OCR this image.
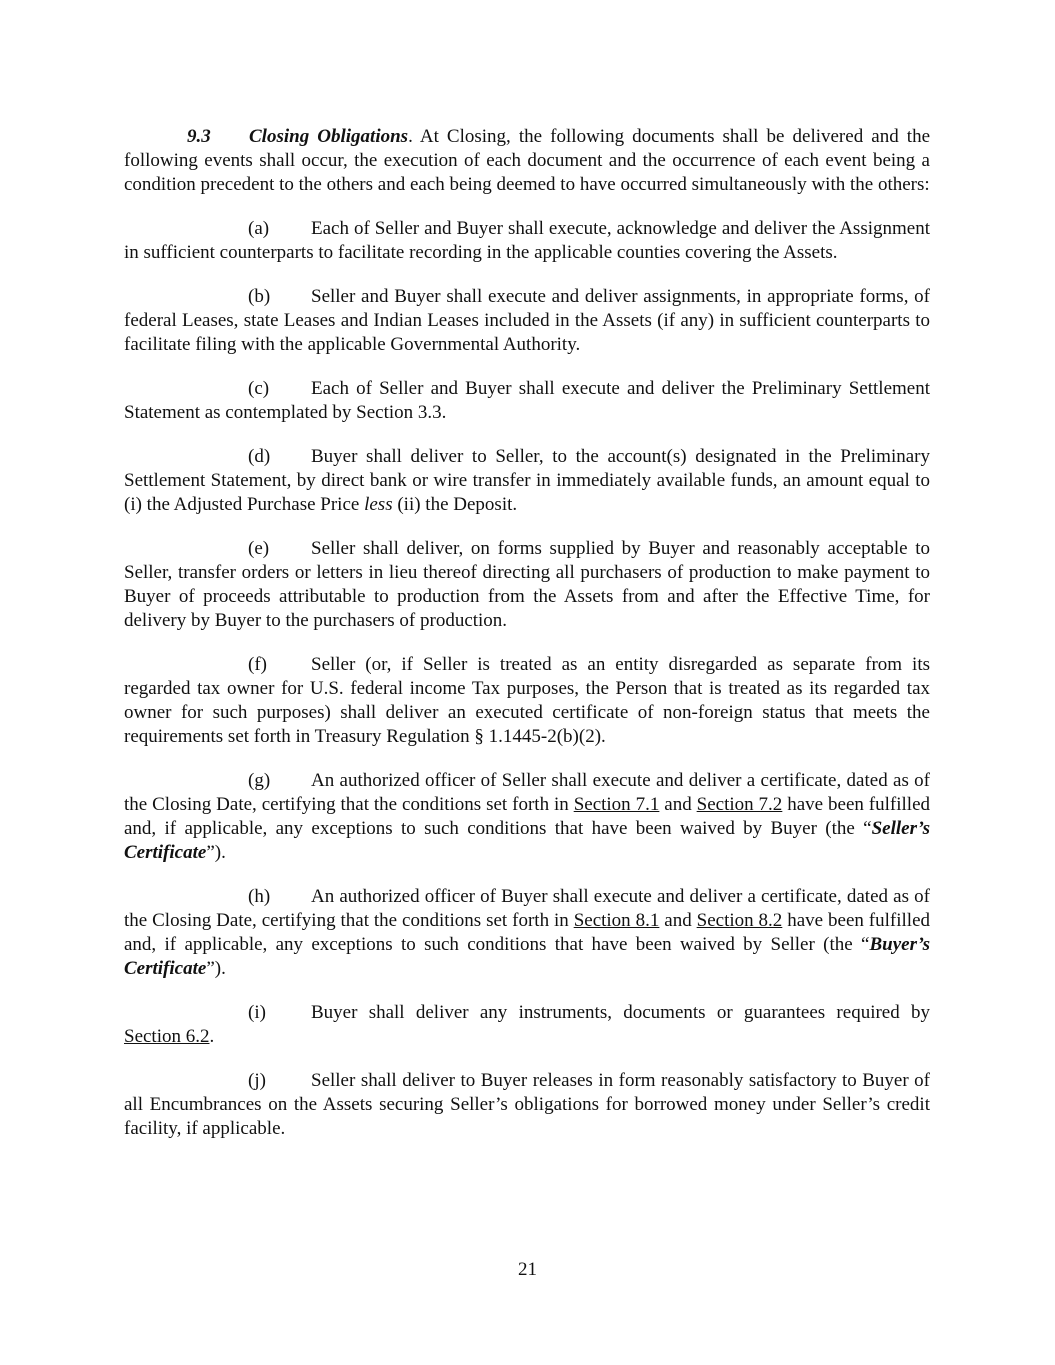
9.3 Closing Obligations. At Closing, the following documents shall be delivered and the following events shall occur, the execution of each document and the occurrence of each event being a condition precedent to the others and each being deemed to have occurred simultaneously with the others:

(a) Each of Seller and Buyer shall execute, acknowledge and deliver the Assignment in sufficient counterparts to facilitate recording in the applicable counties covering the Assets.

(b) Seller and Buyer shall execute and deliver assignments, in appropriate forms, of federal Leases, state Leases and Indian Leases included in the Assets (if any) in sufficient counterparts to facilitate filing with the applicable Governmental Authority.

(c) Each of Seller and Buyer shall execute and deliver the Preliminary Settlement Statement as contemplated by Section 3.3.

(d) Buyer shall deliver to Seller, to the account(s) designated in the Preliminary Settlement Statement, by direct bank or wire transfer in immediately available funds, an amount equal to (i) the Adjusted Purchase Price less (ii) the Deposit.

(e) Seller shall deliver, on forms supplied by Buyer and reasonably acceptable to Seller, transfer orders or letters in lieu thereof directing all purchasers of production to make payment to Buyer of proceeds attributable to production from the Assets from and after the Effective Time, for delivery by Buyer to the purchasers of production.

(f) Seller (or, if Seller is treated as an entity disregarded as separate from its regarded tax owner for U.S. federal income Tax purposes, the Person that is treated as its regarded tax owner for such purposes) shall deliver an executed certificate of non-foreign status that meets the requirements set forth in Treasury Regulation § 1.1445-2(b)(2).

(g) An authorized officer of Seller shall execute and deliver a certificate, dated as of the Closing Date, certifying that the conditions set forth in Section 7.1 and Section 7.2 have been fulfilled and, if applicable, any exceptions to such conditions that have been waived by Buyer (the “Seller’s Certificate”).

(h) An authorized officer of Buyer shall execute and deliver a certificate, dated as of the Closing Date, certifying that the conditions set forth in Section 8.1 and Section 8.2 have been fulfilled and, if applicable, any exceptions to such conditions that have been waived by Seller (the “Buyer’s Certificate”).

(i) Buyer shall deliver any instruments, documents or guarantees required by Section 6.2.

(j) Seller shall deliver to Buyer releases in form reasonably satisfactory to Buyer of all Encumbrances on the Assets securing Seller’s obligations for borrowed money under Seller’s credit facility, if applicable.

21
